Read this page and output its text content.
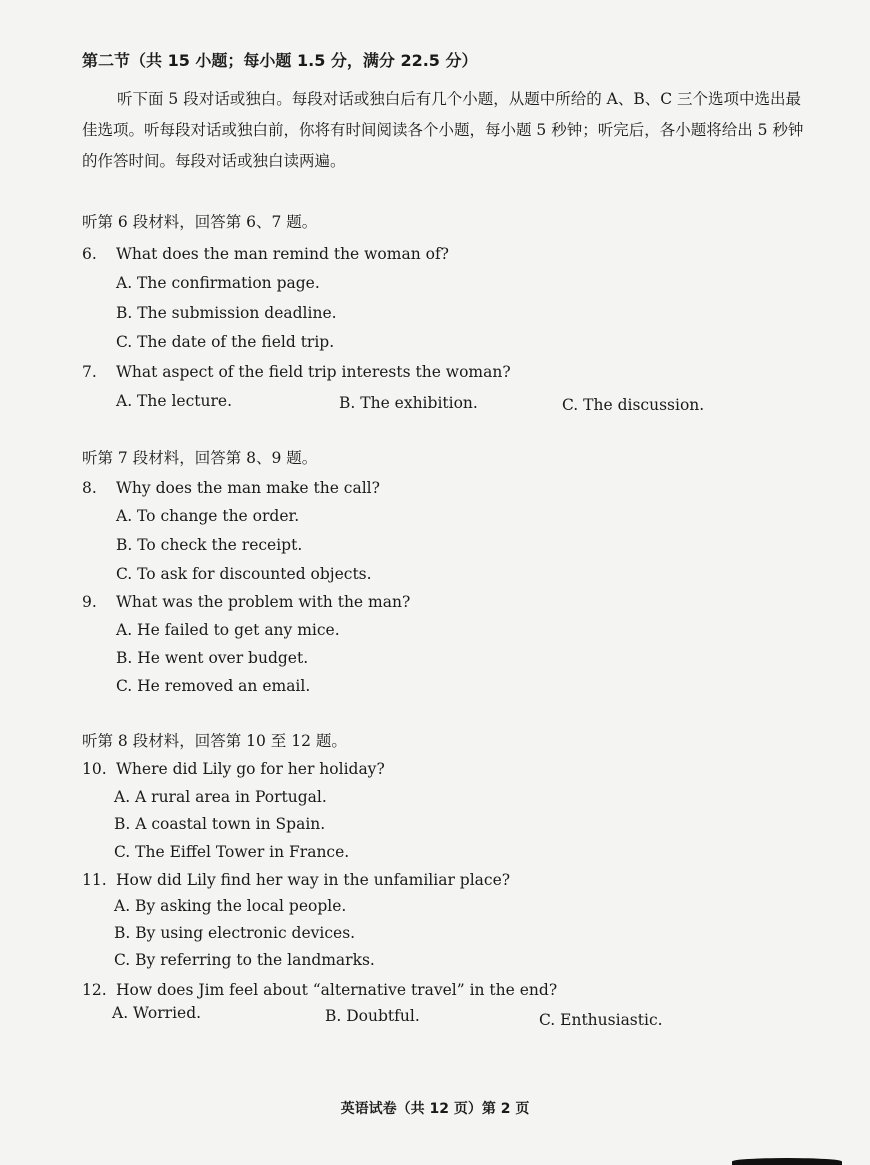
第二节（共 15 小题；每小题 1.5 分，满分 22.5 分）

听下面 5 段对话或独白。每段对话或独白后有几个小题，从题中所给的 A、B、C 三个选项中选出最佳选项。听每段对话或独白前，你将有时间阅读各个小题，每小题 5 秒钟；听完后，各小题将给出 5 秒钟的作答时间。每段对话或独白读两遍。

听第 6 段材料，回答第 6、7 题。
6. What does the man remind the woman of?
A. The confirmation page.
B. The submission deadline.
C. The date of the field trip.
7. What aspect of the field trip interests the woman?
A. The lecture.	B. The exhibition.	C. The discussion.
听第 7 段材料，回答第 8、9 题。
8. Why does the man make the call?
A. To change the order.
B. To check the receipt.
C. To ask for discounted objects.
9. What was the problem with the man?
A. He failed to get any mice.
B. He went over budget.
C. He removed an email.
听第 8 段材料，回答第 10 至 12 题。
10. Where did Lily go for her holiday?
A. A rural area in Portugal.
B. A coastal town in Spain.
C. The Eiffel Tower in France.
11. How did Lily find her way in the unfamiliar place?
A. By asking the local people.
B. By using electronic devices.
C. By referring to the landmarks.
12. How does Jim feel about “alternative travel” in the end?
A. Worried.	B. Doubtful.	C. Enthusiastic.
英语试卷（共 12 页）第 2 页
